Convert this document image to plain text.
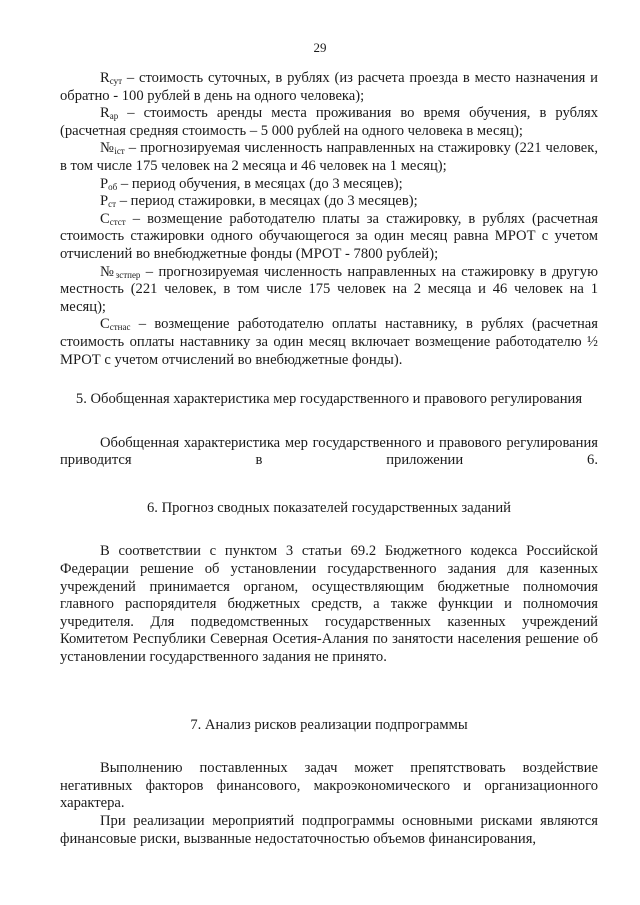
29

$R_{сут}$ – стоимость суточных, в рублях (из расчета проезда в место назначения и обратно - 100 рублей в день на одного человека);

$R_{ар}$ – стоимость аренды места проживания во время обучения, в рублях (расчетная средняя стоимость – 5 000 рублей на одного человека в месяц);

$№_{іст}$ – прогнозируемая численность направленных на стажировку (221 человек, в том числе 175 человек на 2 месяца и 46 человек на 1 месяц);

$Р_{об}$ – период обучения, в месяцах (до 3 месяцев);

$Р_{ст}$ – период стажировки, в месяцах (до 3 месяцев);

$С_{стст}$ – возмещение работодателю платы за стажировку, в рублях (расчетная стоимость стажировки одного обучающегося за один месяц равна МРОТ с учетом отчислений во внебюджетные фонды (МРОТ - 7800 рублей);

$№_{зстпер}$ – прогнозируемая численность направленных на стажировку в другую местность (221 человек, в том числе 175 человек на 2 месяца и 46 человек на 1 месяц);

$С_{стнас}$ – возмещение работодателю оплаты наставнику, в рублях (расчетная стоимость оплаты наставнику за один месяц включает возмещение работодателю ½ МРОТ с учетом отчислений во внебюджетные фонды).

5. Обобщенная характеристика мер государственного и правового регулирования

Обобщенная характеристика мер государственного и правового регулирования приводится в приложении 6.

6. Прогноз сводных показателей государственных заданий

В соответствии с пунктом 3 статьи 69.2 Бюджетного кодекса Российской Федерации решение об установлении государственного задания для казенных учреждений принимается органом, осуществляющим бюджетные полномочия главного распорядителя бюджетных средств, а также функции и полномочия учредителя. Для подведомственных государственных казенных учреждений Комитетом Республики Северная Осетия-Алания по занятости населения решение об установлении государственного задания не принято.

7. Анализ рисков реализации подпрограммы

Выполнению поставленных задач может препятствовать воздействие негативных факторов финансового, макроэкономического и организационного характера.

При реализации мероприятий подпрограммы основными рисками являются финансовые риски, вызванные недостаточностью объемов финансирования,
